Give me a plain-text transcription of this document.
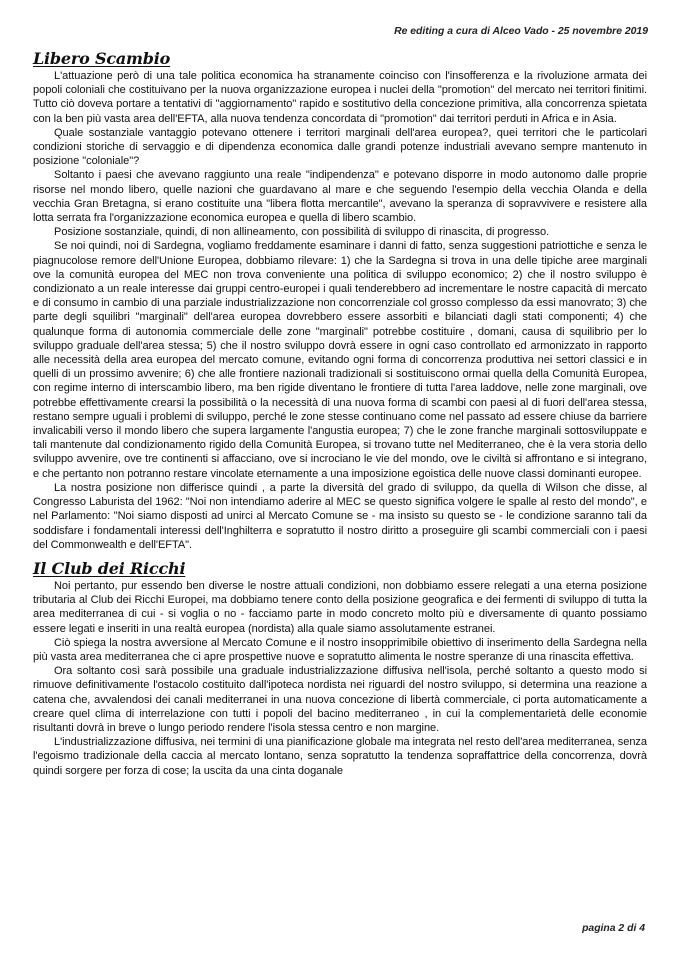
Re editing a cura di Alceo Vado - 25 novembre 2019
Libero Scambio

L'attuazione però di una tale politica economica ha stranamente coinciso con l'insofferenza e la rivoluzione armata dei popoli coloniali che costituivano per la nuova organizzazione europea i nuclei della "promotion" del mercato nei territori finitimi. Tutto ciò doveva portare a tentativi di "aggiornamento" rapido e sostitutivo della concezione primitiva, alla concorrenza spietata con la ben più vasta area dell'EFTA, alla nuova tendenza concordata di "promotion" dai territori perduti in Africa e in Asia.

Quale sostanziale vantaggio potevano ottenere i territori marginali dell'area europea?, quei territori che le particolari condizioni storiche di servaggio e di dipendenza economica dalle grandi potenze industriali avevano sempre mantenuto in posizione "coloniale"?

Soltanto i paesi che avevano raggiunto una reale "indipendenza" e potevano disporre in modo autonomo dalle proprie risorse nel mondo libero, quelle nazioni che guardavano al mare e che seguendo l'esempio della vecchia Olanda e della vecchia Gran Bretagna, si erano costituite una "libera flotta mercantile", avevano la speranza di sopravvivere e resistere alla lotta serrata fra l'organizzazione economica europea e quella di libero scambio.

Posizione sostanziale, quindi, di non allineamento, con possibilità di sviluppo di rinascita, di progresso.

Se noi quindi, noi di Sardegna, vogliamo freddamente esaminare i danni di fatto, senza suggestioni patriottiche e senza le piagnucolose remore dell'Unione Europea, dobbiamo rilevare: 1) che la Sardegna si trova in una delle tipiche aree marginali ove la comunità europea del MEC non trova conveniente una politica di sviluppo economico; 2) che il nostro sviluppo è condizionato a un reale interesse dai gruppi centro-europei i quali tenderebbero ad incrementare le nostre capacità di mercato e di consumo in cambio di una parziale industrializzazione non concorrenziale col grosso complesso da essi manovrato; 3) che parte degli squilibri "marginali" dell'area europea dovrebbero essere assorbiti e bilanciati dagli stati componenti; 4) che qualunque forma di autonomia commerciale delle zone "marginali" potrebbe costituire , domani, causa di squilibrio per lo sviluppo graduale dell'area stessa; 5) che il nostro sviluppo dovrà essere in ogni caso controllato ed armonizzato in rapporto alle necessità della area europea del mercato comune, evitando ogni forma di concorrenza produttiva nei settori classici e in quelli di un prossimo avvenire; 6) che alle frontiere nazionali tradizionali si sostituiscono ormai quella della Comunità Europea, con regime interno di interscambio libero, ma ben rigide diventano le frontiere di tutta l'area laddove, nelle zone marginali, ove potrebbe effettivamente crearsi la possibilità o la necessità di una nuova forma di scambi con paesi al di fuori dell'area stessa, restano sempre uguali i problemi di sviluppo, perché le zone stesse continuano come nel passato ad essere chiuse da barriere invalicabili verso il mondo libero che supera largamente l'angustia europea; 7) che le zone franche marginali sottosviluppate e tali mantenute dal condizionamento rigido della Comunità Europea, si trovano tutte nel Mediterraneo, che è la vera storia dello sviluppo avvenire, ove tre continenti si affacciano, ove si incrociano le vie del mondo, ove le civiltà si affrontano e si integrano, e che pertanto non potranno restare vincolate eternamente a una imposizione egoistica delle nuove classi dominanti europee.

La nostra posizione non differisce quindi , a parte la diversità del grado di sviluppo, da quella di Wilson che disse, al Congresso Laburista del 1962: "Noi non intendiamo aderire al MEC se questo significa volgere le spalle al resto del mondo", e nel Parlamento: "Noi siamo disposti ad unirci al Mercato Comune se - ma insisto su questo se - le condizione saranno tali da soddisfare i fondamentali interessi dell'Inghilterra e sopratutto il nostro diritto a proseguire gli scambi commerciali con i paesi del Commonwealth e dell'EFTA".

Il Club dei Ricchi

Noi pertanto, pur essendo ben diverse le nostre attuali condizioni, non dobbiamo essere relegati a una eterna posizione tributaria al Club dei Ricchi Europei, ma dobbiamo tenere conto della posizione geografica e dei fermenti di sviluppo di tutta la area mediterranea di cui - si voglia o no - facciamo parte in modo concreto molto più e diversamente di quanto possiamo essere legati e inseriti in una realtà europea (nordista) alla quale siamo assolutamente estranei.

Ciò spiega la nostra avversione al Mercato Comune e il nostro insopprimibile obiettivo di inserimento della Sardegna nella più vasta area mediterranea che ci apre prospettive nuove e sopratutto alimenta le nostre speranze di una rinascita effettiva.

Ora soltanto così sarà possibile una graduale industrializzazione diffusiva nell'isola, perché soltanto a questo modo si rimuove definitivamente l'ostacolo costituito dall'ipoteca nordista nei riguardi del nostro sviluppo, si determina una reazione a catena che, avvalendosi dei canali mediterranei in una nuova concezione di libertà commerciale, ci porta automaticamente a creare quel clima di interrelazione con tutti i popoli del bacino mediterraneo , in cui la complementarietà delle economie risultanti dovrà in breve o lungo periodo rendere l'isola stessa centro e non margine.

L'industrializzazione diffusiva, nei termini di una pianificazione globale ma integrata nel resto dell'area mediterranea, senza l'egoismo tradizionale della caccia al mercato lontano, senza sopratutto la tendenza sopraffattrice della concorrenza, dovrà quindi sorgere per forza di cose; la uscita da una cinta doganale

pagina 2 di 4
